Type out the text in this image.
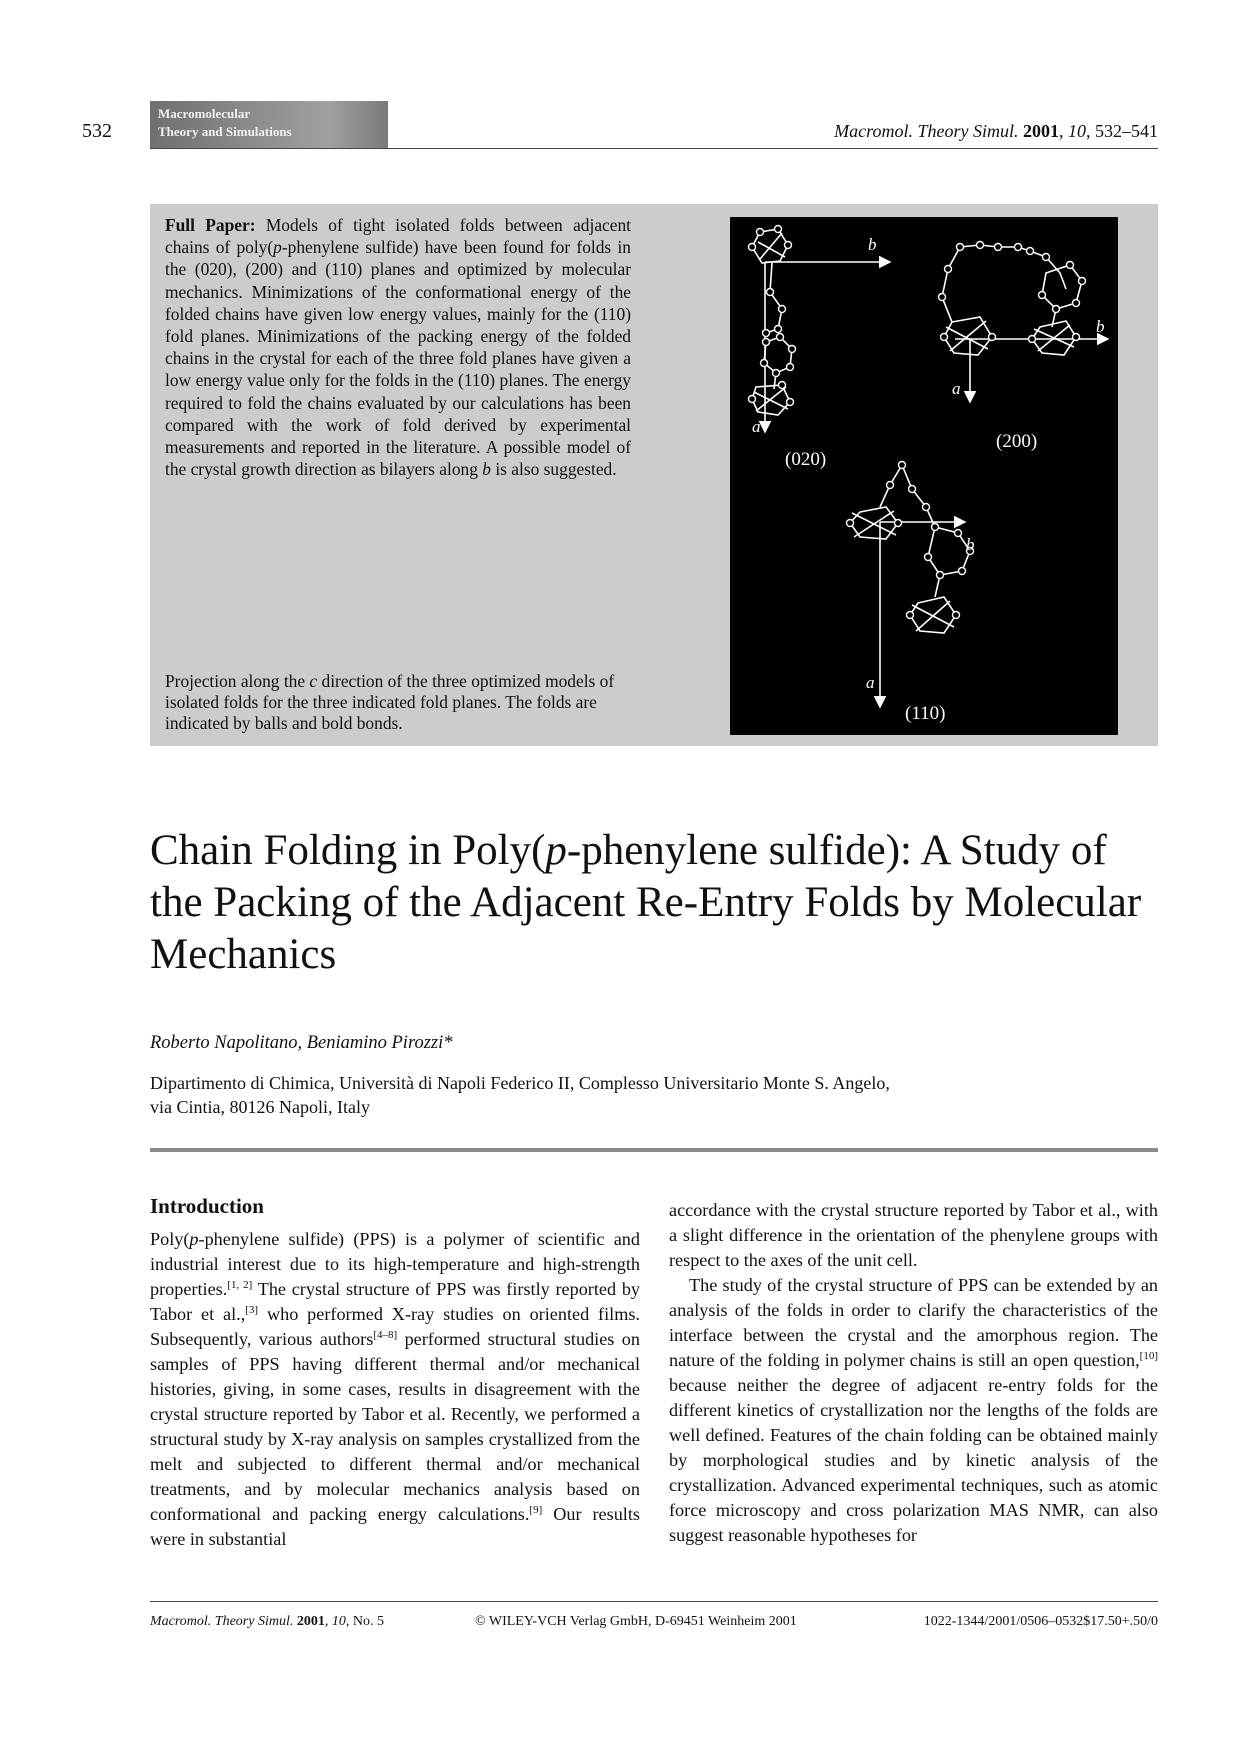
532
Macromolecular
Theory and Simulations	Macromol. Theory Simul. 2001, 10, 532–541
Full Paper: Models of tight isolated folds between adjacent chains of poly(p-phenylene sulfide) have been found for folds in the (020), (200) and (110) planes and optimized by molecular mechanics. Minimizations of the conformational energy of the folded chains have given low energy values, mainly for the (110) fold planes. Minimizations of the packing energy of the folded chains in the crystal for each of the three fold planes have given a low energy value only for the folds in the (110) planes. The energy required to fold the chains evaluated by our calculations has been compared with the work of fold derived by experimental measurements and reported in the literature. A possible model of the crystal growth direction as bilayers along b is also suggested.
Projection along the c direction of the three optimized models of isolated folds for the three indicated fold planes. The folds are indicated by balls and bold bonds.
b
a
b
a
b
a
(020)
(200)
(110)
Chain Folding in Poly(p-phenylene sulfide): A Study of the Packing of the Adjacent Re-Entry Folds by Molecular Mechanics
Roberto Napolitano, Beniamino Pirozzi*
Dipartimento di Chimica, Università di Napoli Federico II, Complesso Universitario Monte S. Angelo,
via Cintia, 80126 Napoli, Italy
Introduction

Poly(p-phenylene sulfide) (PPS) is a polymer of scientific and industrial interest due to its high-temperature and high-strength properties.[1, 2] The crystal structure of PPS was firstly reported by Tabor et al.,[3] who performed X-ray studies on oriented films. Subsequently, various authors[4–8] performed structural studies on samples of PPS having different thermal and/or mechanical histories, giving, in some cases, results in disagreement with the crystal structure reported by Tabor et al. Recently, we performed a structural study by X-ray analysis on samples crystallized from the melt and subjected to different thermal and/or mechanical treatments, and by molecular mechanics analysis based on conformational and packing energy calculations.[9] Our results were in substantial

accordance with the crystal structure reported by Tabor et al., with a slight difference in the orientation of the phenylene groups with respect to the axes of the unit cell.

The study of the crystal structure of PPS can be extended by an analysis of the folds in order to clarify the characteristics of the interface between the crystal and the amorphous region. The nature of the folding in polymer chains is still an open question,[10] because neither the degree of adjacent re-entry folds for the different kinetics of crystallization nor the lengths of the folds are well defined. Features of the chain folding can be obtained mainly by morphological studies and by kinetic analysis of the crystallization. Advanced experimental techniques, such as atomic force microscopy and cross polarization MAS NMR, can also suggest reasonable hypotheses for

Macromol. Theory Simul. 2001, 10, No. 5	© WILEY-VCH Verlag GmbH, D-69451 Weinheim 2001	1022-1344/2001/0506–0532$17.50+.50/0
